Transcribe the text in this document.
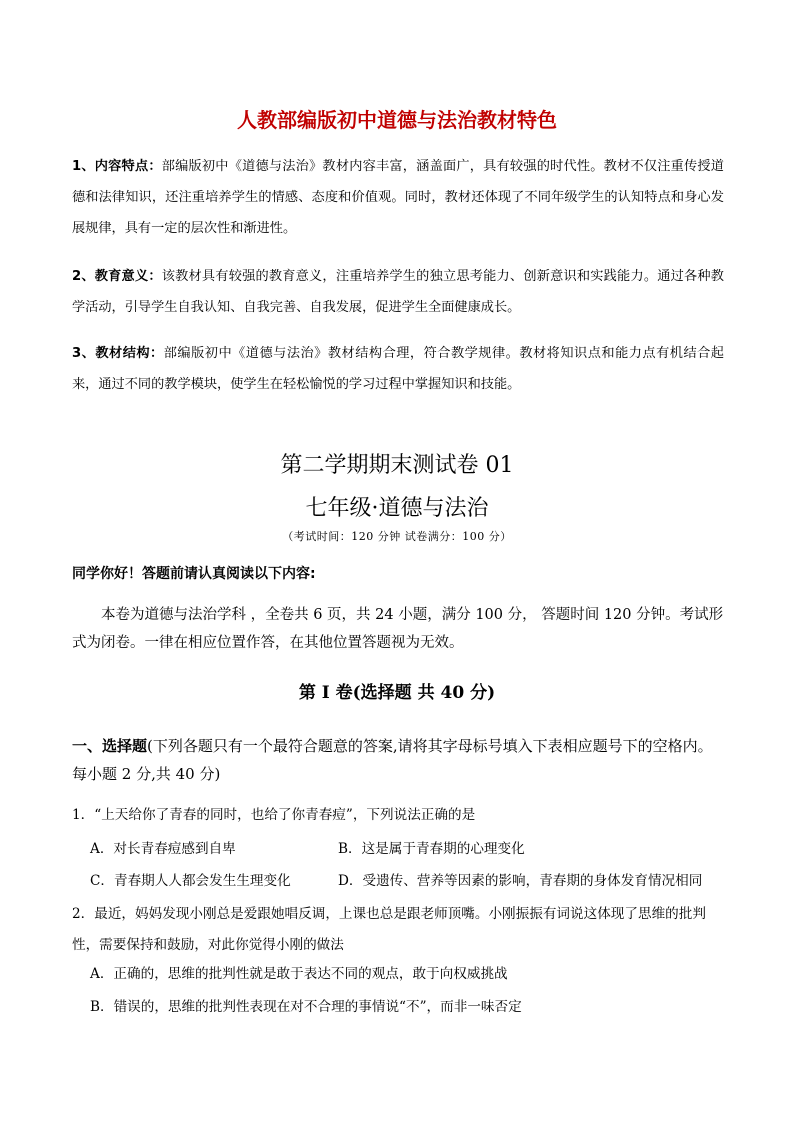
人教部编版初中道德与法治教材特色
1、内容特点：部编版初中《道德与法治》教材内容丰富，涵盖面广，具有较强的时代性。教材不仅注重传授道德和法律知识，还注重培养学生的情感、态度和价值观。同时，教材还体现了不同年级学生的认知特点和身心发展规律，具有一定的层次性和渐进性。
2、教育意义：该教材具有较强的教育意义，注重培养学生的独立思考能力、创新意识和实践能力。通过各种教学活动，引导学生自我认知、自我完善、自我发展，促进学生全面健康成长。
3、教材结构：部编版初中《道德与法治》教材结构合理，符合教学规律。教材将知识点和能力点有机结合起来，通过不同的教学模块，使学生在轻松愉悦的学习过程中掌握知识和技能。
第二学期期末测试卷 01
七年级·道德与法治
（考试时间：120 分钟 试卷满分：100 分）
同学你好！答题前请认真阅读以下内容:
本卷为道德与法治学科 ，全卷共 6 页，共 24 小题，满分 100 分， 答题时间 120 分钟。考试形式为闭卷。一律在相应位置作答，在其他位置答题视为无效。
第 I 卷(选择题 共 40 分)
一、选择题(下列各题只有一个最符合题意的答案,请将其字母标号填入下表相应题号下的空格内。每小题 2 分,共 40 分)
1．“上天给你了青春的同时，也给了你青春痘”，下列说法正确的是
A．对长青春痘感到自卑	B．这是属于青春期的心理变化
C．青春期人人都会发生生理变化	D．受遗传、营养等因素的影响，青春期的身体发育情况相同
2．最近，妈妈发现小刚总是爱跟她唱反调，上课也总是跟老师顶嘴。小刚振振有词说这体现了思维的批判性，需要保持和鼓励，对此你觉得小刚的做法
A．正确的，思维的批判性就是敢于表达不同的观点，敢于向权威挑战
B．错误的，思维的批判性表现在对不合理的事情说“不”，而非一味否定
